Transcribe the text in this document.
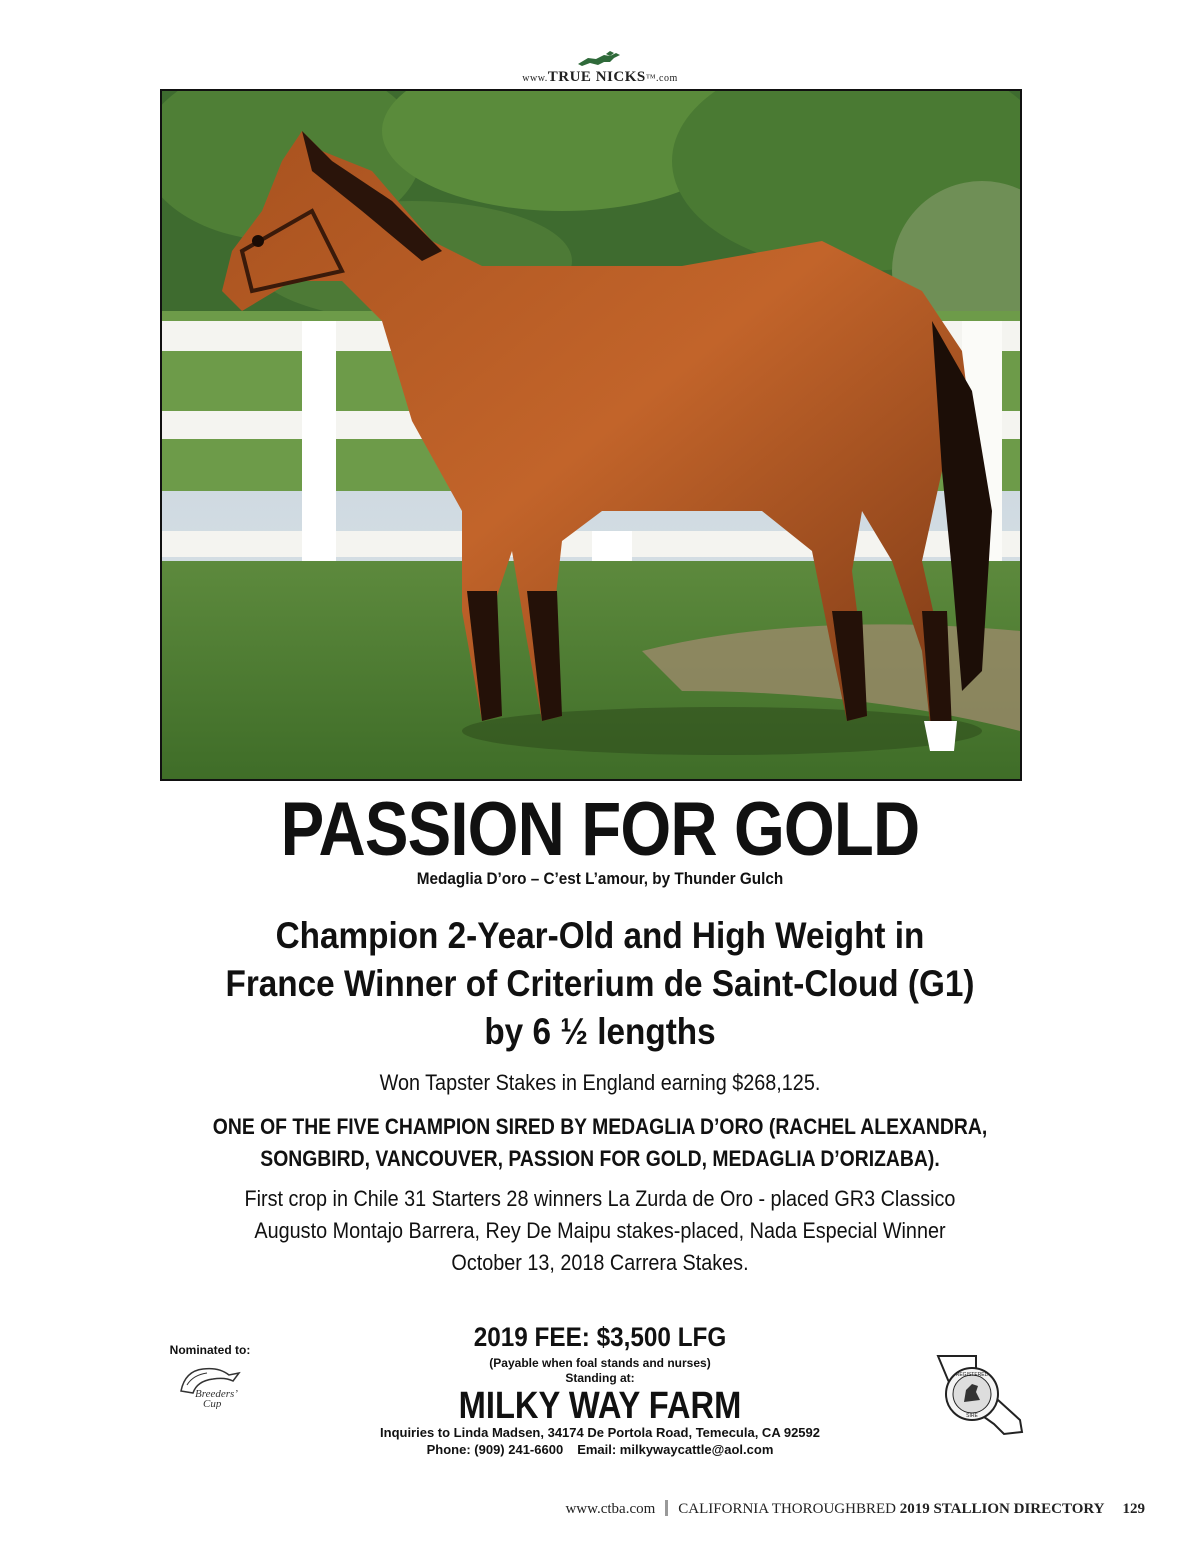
www.TRUE NICKS™.com
PASSION FOR GOLD
Medaglia D’oro – C’est L’amour, by Thunder Gulch
Champion 2-Year-Old and High Weight in
France Winner of Criterium de Saint-Cloud (G1)
by 6 ½ lengths
Won Tapster Stakes in England earning $268,125.
ONE OF THE FIVE CHAMPION SIRED BY MEDAGLIA D’ORO (RACHEL ALEXANDRA,
SONGBIRD, VANCOUVER, PASSION FOR GOLD, MEDAGLIA D’ORIZABA).
First crop in Chile 31 Starters 28 winners La Zurda de Oro - placed GR3 Classico
Augusto Montajo Barrera, Rey De Maipu stakes-placed, Nada Especial Winner
October 13, 2018 Carrera Stakes.
Nominated to:
Breeders’
Cup
2019 FEE: $3,500 LFG
(Payable when foal stands and nurses)
Standing at:
MILKY WAY FARM
Inquiries to Linda Madsen, 34174 De Portola Road, Temecula, CA 92592
Phone: (909) 241-6600 Email: milkywaycattle@aol.com
REGISTERED
SIRE
www.ctba.com CALIFORNIA THOROUGHBRED 2019 STALLION DIRECTORY 129
